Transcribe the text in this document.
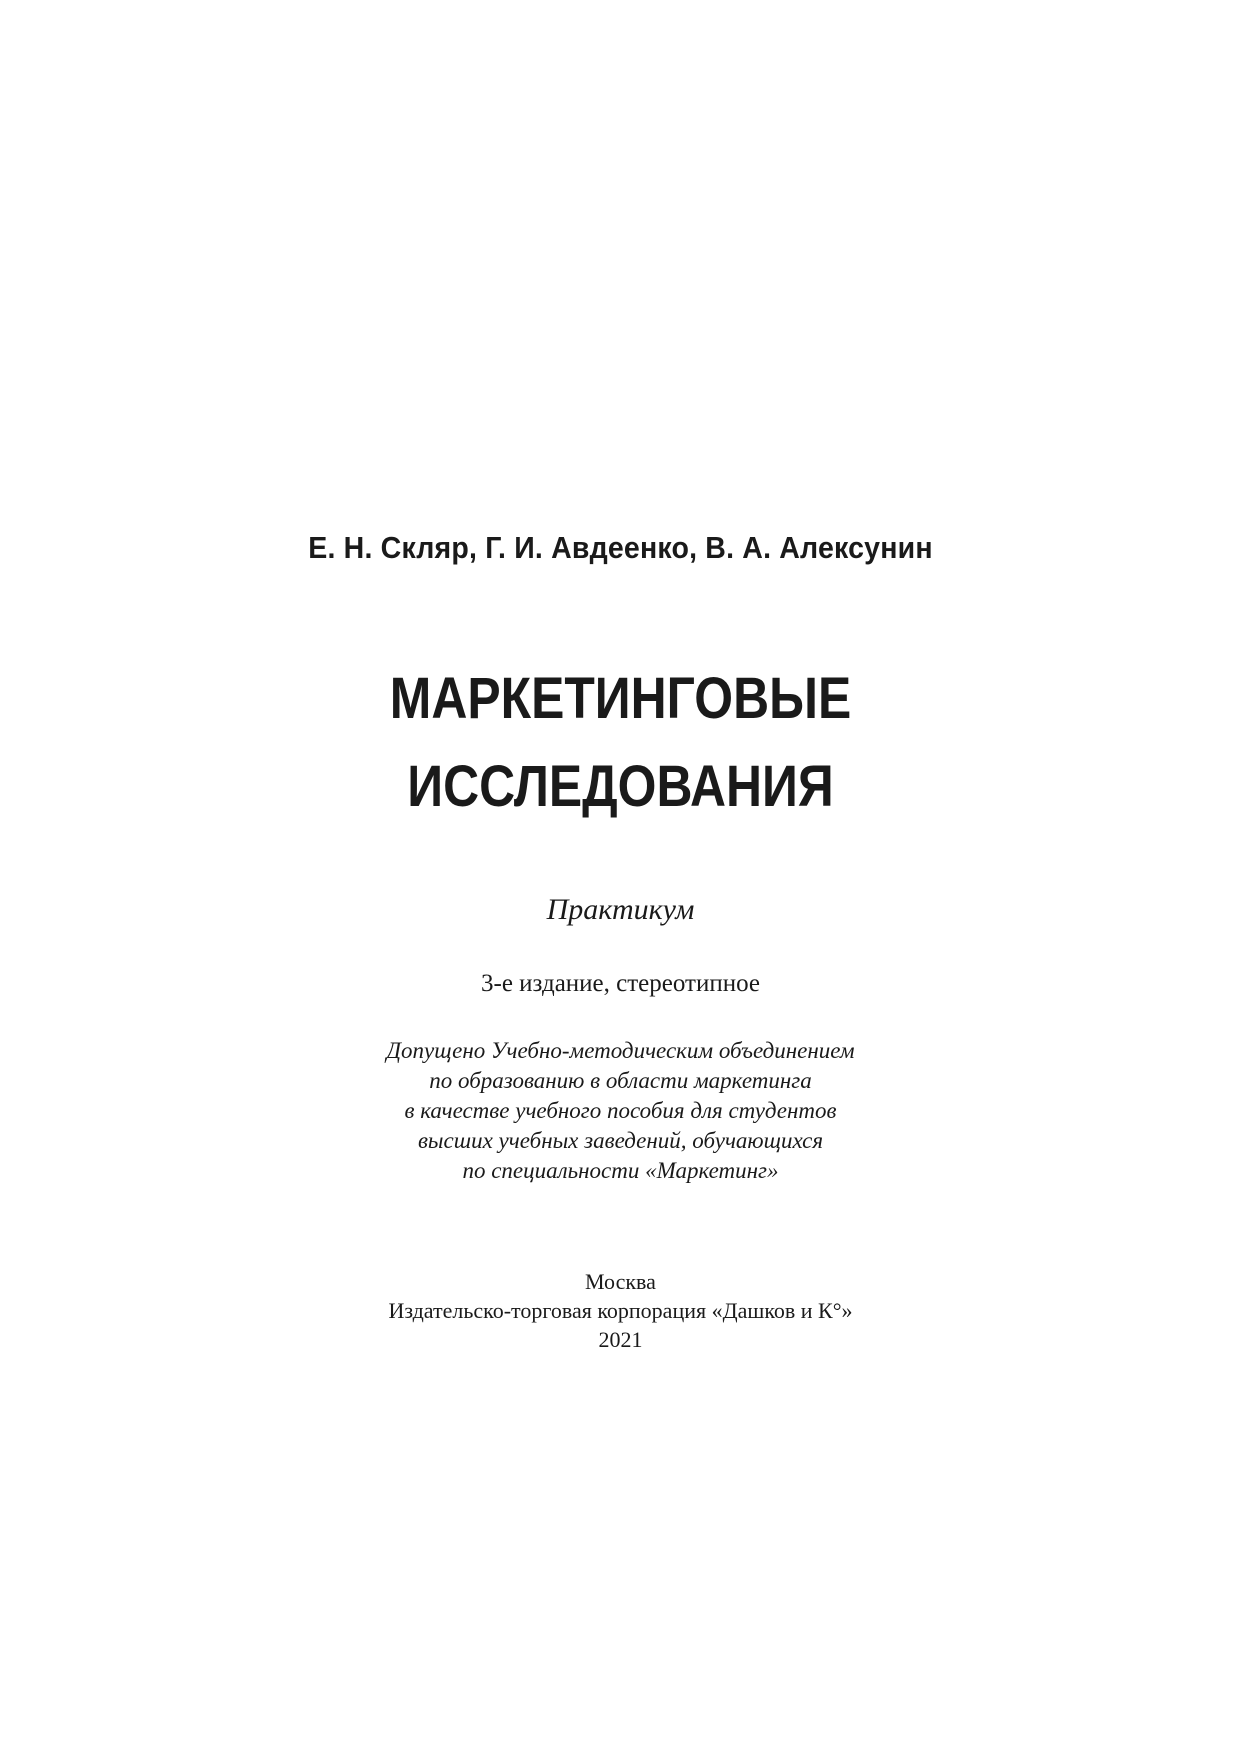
Е. Н. Скляр, Г. И. Авдеенко, В. А. Алексунин
МАРКЕТИНГОВЫЕ
ИССЛЕДОВАНИЯ
Практикум
3-е издание, стереотипное
Допущено Учебно-методическим объединением
по образованию в области маркетинга
в качестве учебного пособия для студентов
высших учебных заведений, обучающихся
по специальности «Маркетинг»
Москва
Издательско-торговая корпорация «Дашков и К°»
2021
